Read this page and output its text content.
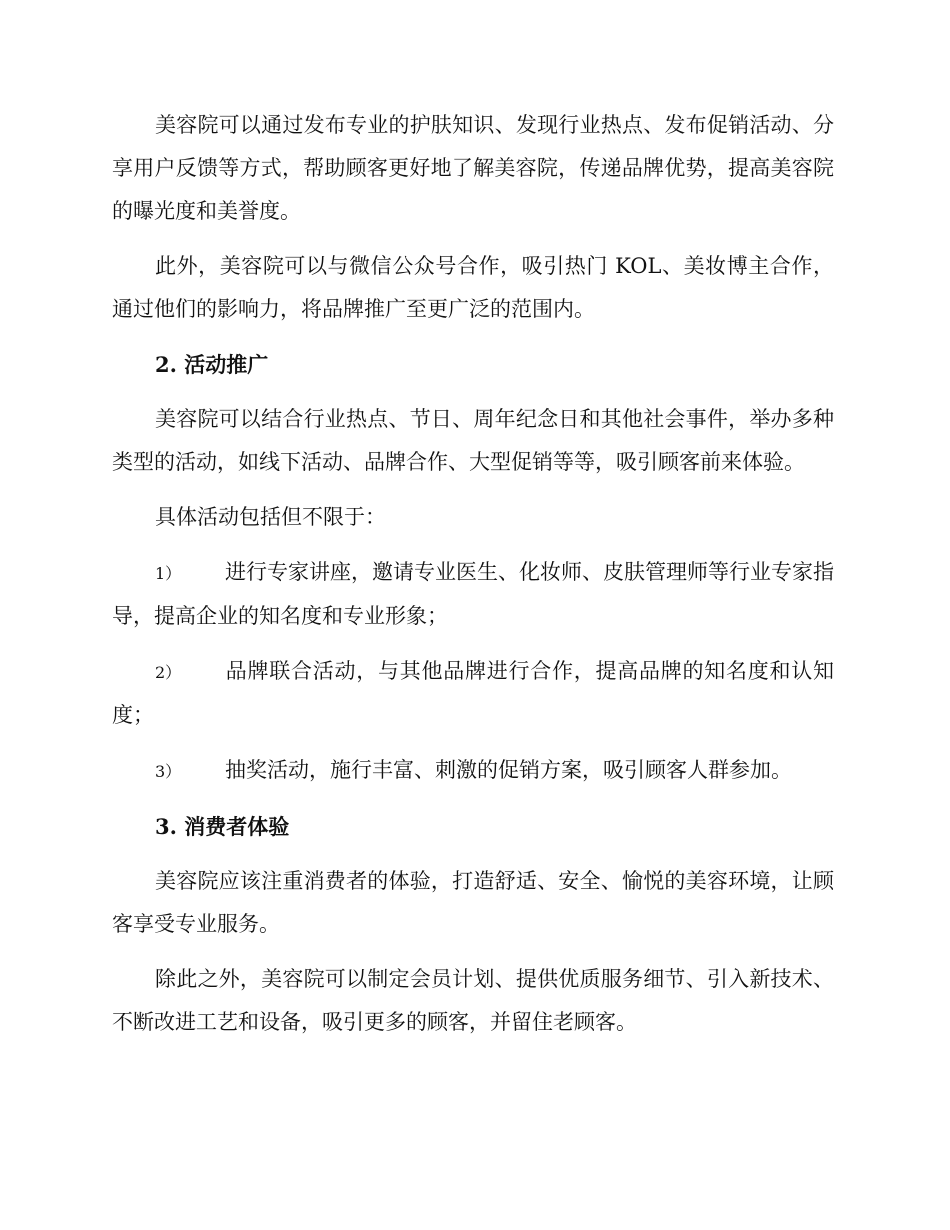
美容院可以通过发布专业的护肤知识、发现行业热点、发布促销活动、分享用户反馈等方式，帮助顾客更好地了解美容院，传递品牌优势，提高美容院的曝光度和美誉度。

此外，美容院可以与微信公众号合作，吸引热门 KOL、美妆博主合作，通过他们的影响力，将品牌推广至更广泛的范围内。

2. 活动推广

美容院可以结合行业热点、节日、周年纪念日和其他社会事件，举办多种类型的活动，如线下活动、品牌合作、大型促销等等，吸引顾客前来体验。

具体活动包括但不限于：

1） 进行专家讲座，邀请专业医生、化妆师、皮肤管理师等行业专家指导，提高企业的知名度和专业形象；

2） 品牌联合活动，与其他品牌进行合作，提高品牌的知名度和认知度；

3） 抽奖活动，施行丰富、刺激的促销方案，吸引顾客人群参加。

3. 消费者体验

美容院应该注重消费者的体验，打造舒适、安全、愉悦的美容环境，让顾客享受专业服务。

除此之外，美容院可以制定会员计划、提供优质服务细节、引入新技术、不断改进工艺和设备，吸引更多的顾客，并留住老顾客。
